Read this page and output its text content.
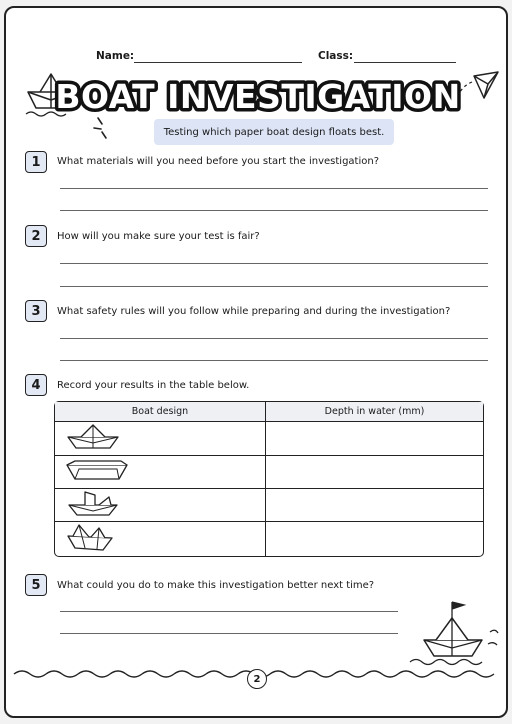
Name:	Class:
BOAT INVESTIGATION
Testing which paper boat design floats best.
1	What materials will you need before you start the investigation?
2	How will you make sure your test is fair?
3	What safety rules will you follow while preparing and during the investigation?
4	Record your results in the table below.
Boat design	Depth in water (mm)

5	What could you do to make this investigation better next time?
2
